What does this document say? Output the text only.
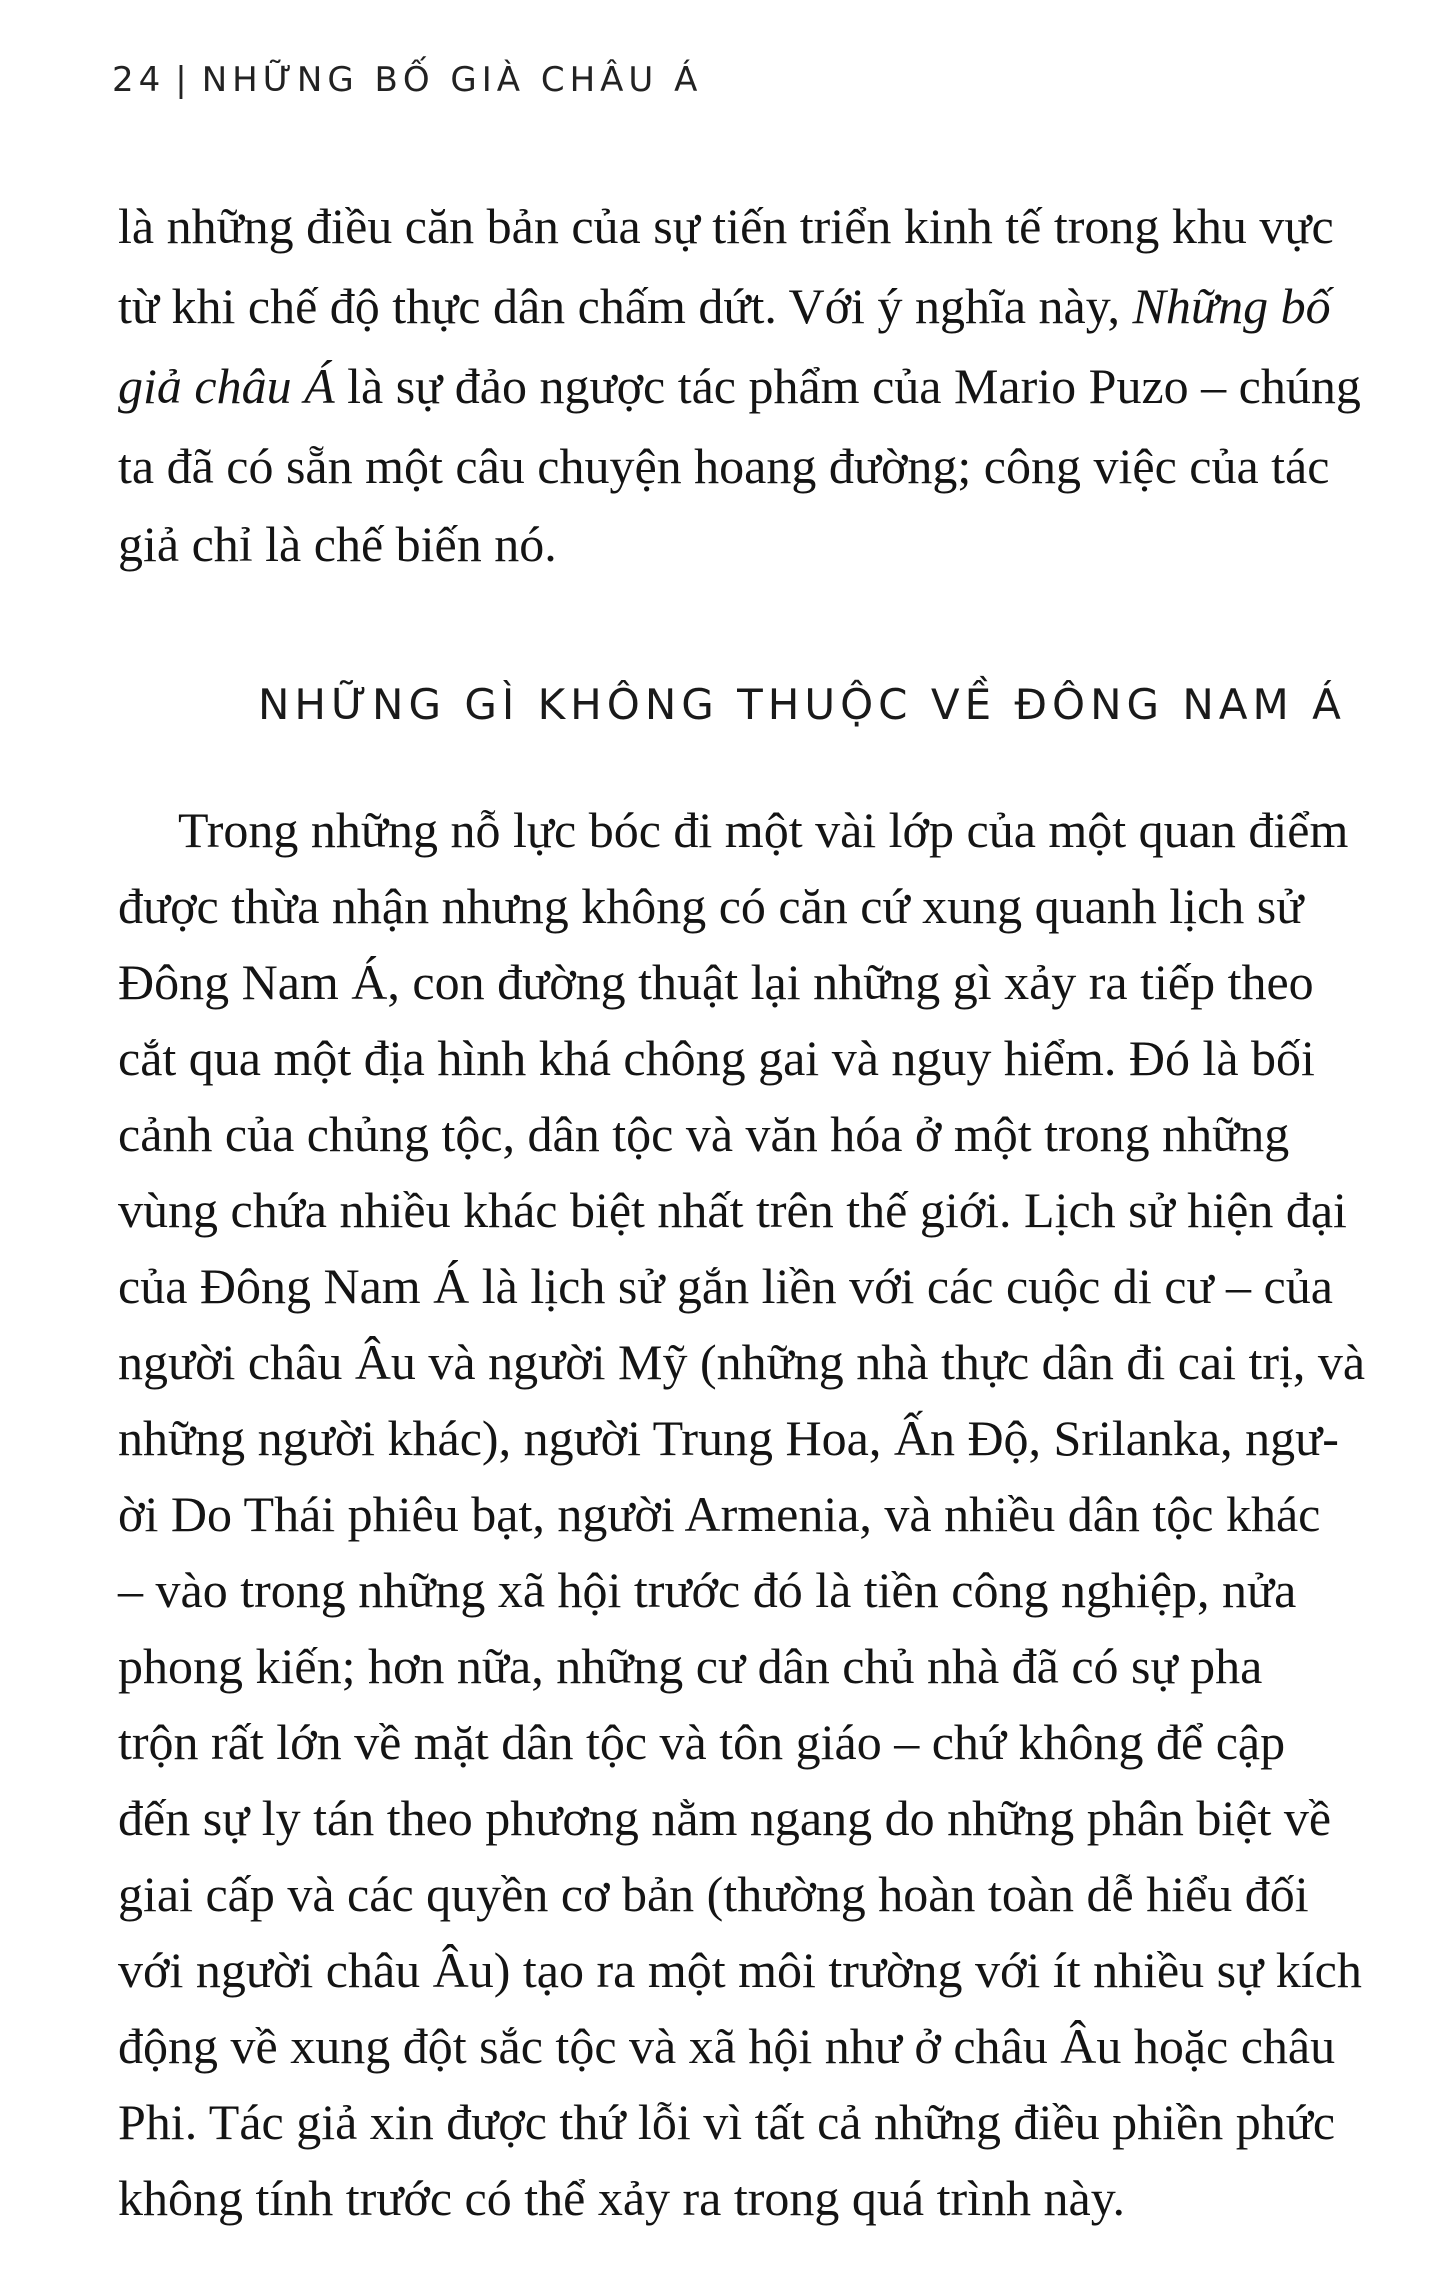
24 | NHỮNG BỐ GIÀ CHÂU Á
là những điều căn bản của sự tiến triển kinh tế trong khu vực
từ khi chế độ thực dân chấm dứt. Với ý nghĩa này, Những bố
giả châu Á là sự đảo ngược tác phẩm của Mario Puzo – chúng
ta đã có sẵn một câu chuyện hoang đường; công việc của tác
giả chỉ là chế biến nó.
NHỮNG GÌ KHÔNG THUỘC VỀ ĐÔNG NAM Á
Trong những nỗ lực bóc đi một vài lớp của một quan điểm
được thừa nhận nhưng không có căn cứ xung quanh lịch sử
Đông Nam Á, con đường thuật lại những gì xảy ra tiếp theo
cắt qua một địa hình khá chông gai và nguy hiểm. Đó là bối
cảnh của chủng tộc, dân tộc và văn hóa ở một trong những
vùng chứa nhiều khác biệt nhất trên thế giới. Lịch sử hiện đại
của Đông Nam Á là lịch sử gắn liền với các cuộc di cư – của
người châu Âu và người Mỹ (những nhà thực dân đi cai trị, và
những người khác), người Trung Hoa, Ấn Độ, Srilanka, ngư-
ời Do Thái phiêu bạt, người Armenia, và nhiều dân tộc khác
– vào trong những xã hội trước đó là tiền công nghiệp, nửa
phong kiến; hơn nữa, những cư dân chủ nhà đã có sự pha
trộn rất lớn về mặt dân tộc và tôn giáo – chứ không để cập
đến sự ly tán theo phương nằm ngang do những phân biệt về
giai cấp và các quyền cơ bản (thường hoàn toàn dễ hiểu đối
với người châu Âu) tạo ra một môi trường với ít nhiều sự kích
động về xung đột sắc tộc và xã hội như ở châu Âu hoặc châu
Phi. Tác giả xin được thứ lỗi vì tất cả những điều phiền phức
không tính trước có thể xảy ra trong quá trình này.
